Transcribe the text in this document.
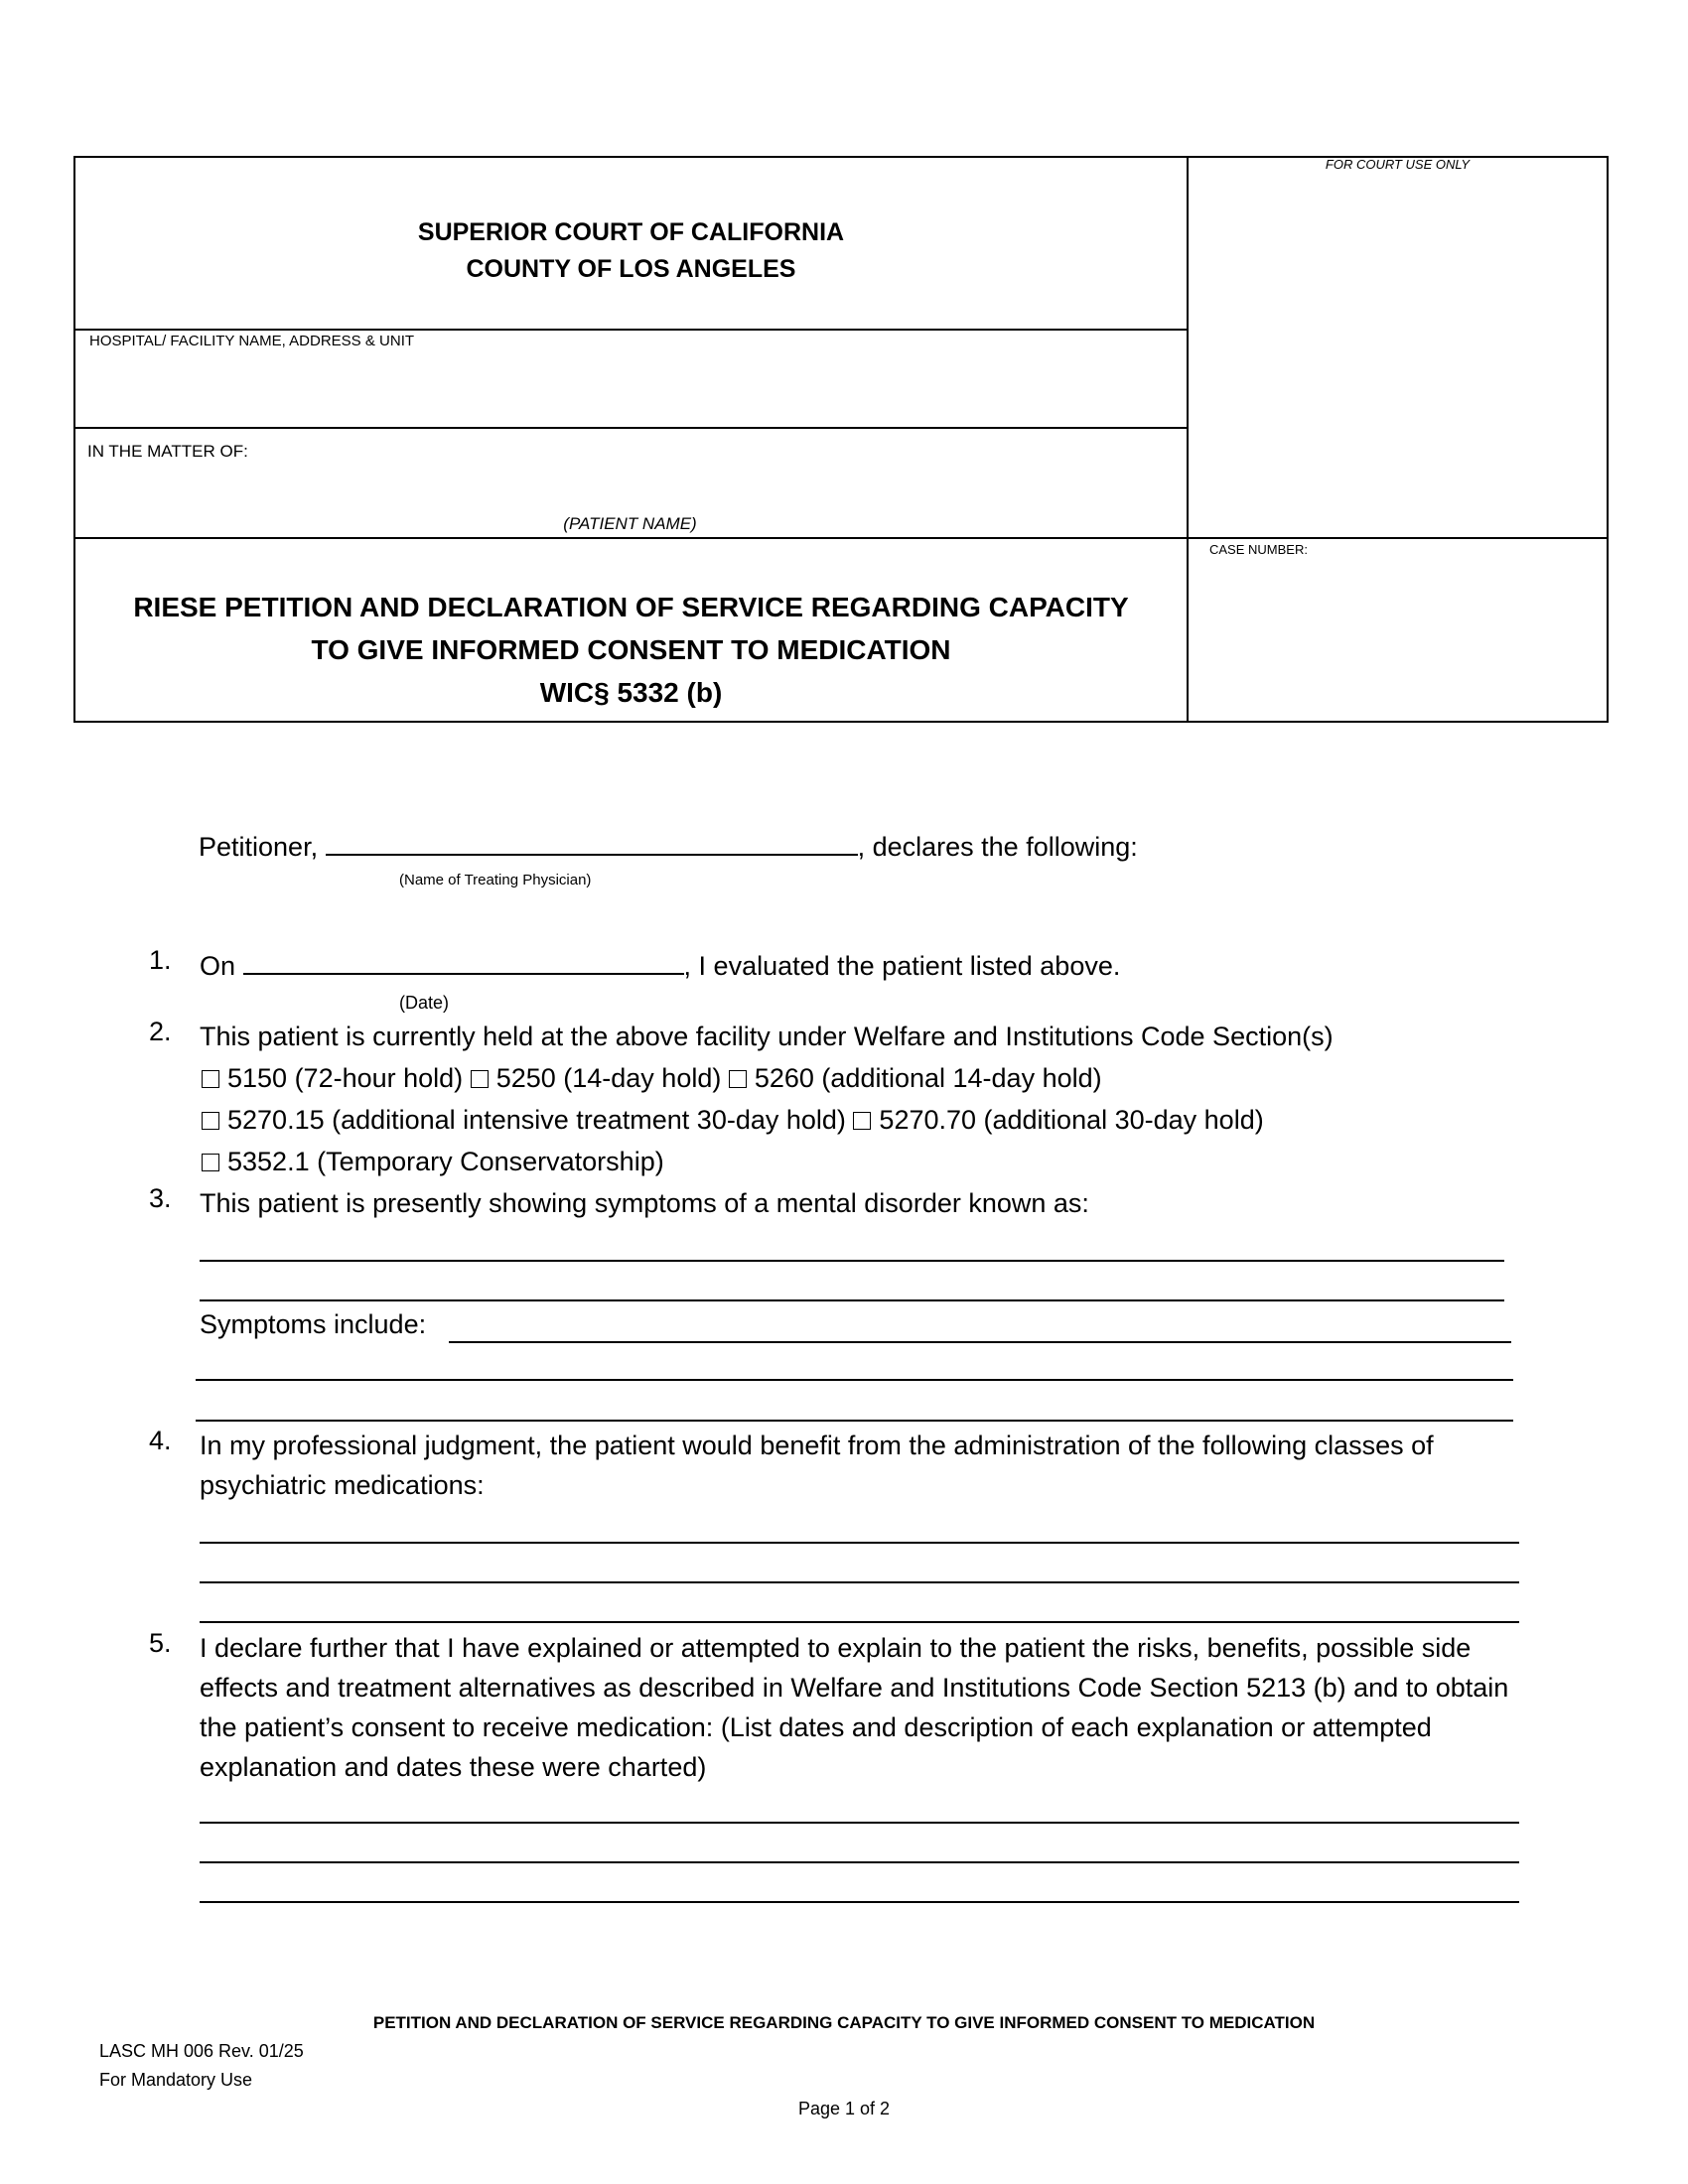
SUPERIOR COURT OF CALIFORNIA
COUNTY OF LOS ANGELES
FOR COURT USE ONLY
HOSPITAL/ FACILITY NAME, ADDRESS & UNIT
IN THE MATTER OF:
(PATIENT NAME)
CASE NUMBER:
RIESE PETITION AND DECLARATION OF SERVICE REGARDING CAPACITY
TO GIVE INFORMED CONSENT TO MEDICATION
WIC§ 5332 (b)
Petitioner,	, declares the following:
(Name of Treating Physician)
1. On	, I evaluated the patient listed above.
(Date)
2. This patient is currently held at the above facility under Welfare and Institutions Code Section(s)
5150 (72-hour hold) 5250 (14-day hold) 5260 (additional 14-day hold)
5270.15 (additional intensive treatment 30-day hold) 5270.70 (additional 30-day hold)
5352.1 (Temporary Conservatorship)
3. This patient is presently showing symptoms of a mental disorder known as:
Symptoms include:
4. In my professional judgment, the patient would benefit from the administration of the following classes of
psychiatric medications:
5. I declare further that I have explained or attempted to explain to the patient the risks, benefits, possible side
effects and treatment alternatives as described in Welfare and Institutions Code Section 5213 (b) and to obtain
the patient’s consent to receive medication: (List dates and description of each explanation or attempted
explanation and dates these were charted)
PETITION AND DECLARATION OF SERVICE REGARDING CAPACITY TO GIVE INFORMED CONSENT TO MEDICATION
LASC MH 006 Rev. 01/25
For Mandatory Use
Page 1 of 2
